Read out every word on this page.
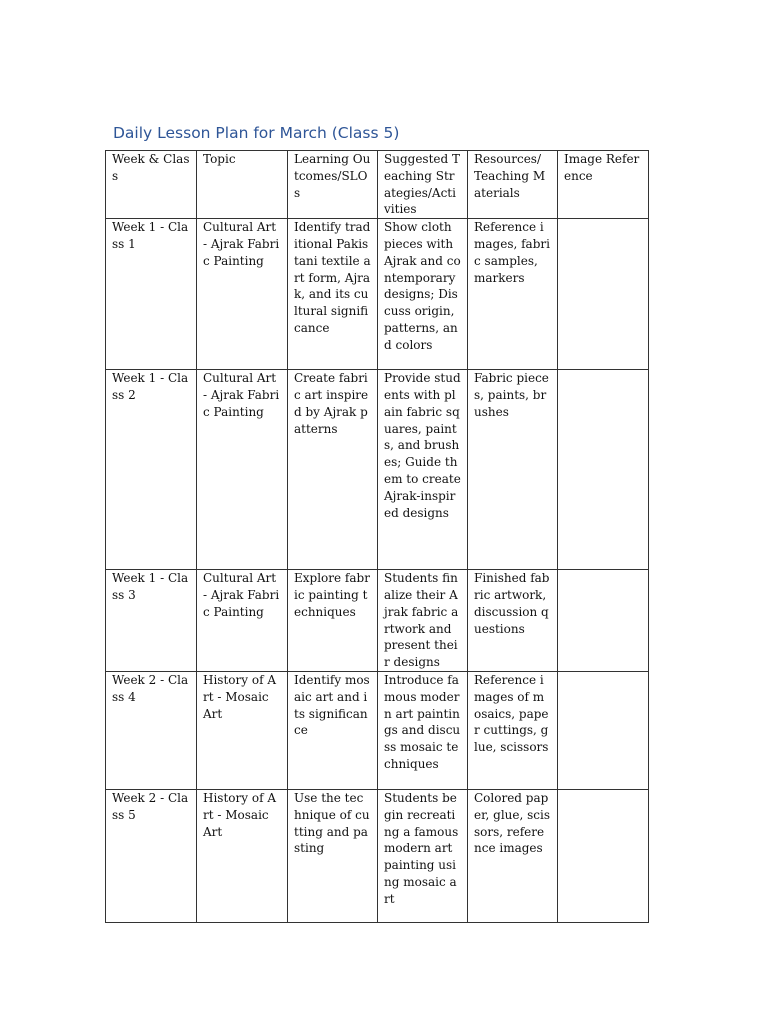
Daily Lesson Plan for March (Class 5)
Week & Class	Topic	Learning Outcomes/SLOs	Suggested Teaching Strategies/Activities	Resources/ Teaching Materials	Image Reference
Week 1 - Class 1	Cultural Art - Ajrak Fabric Painting	Identify traditional Pakistani textile art form, Ajrak, and its cultural significance	Show cloth pieces with Ajrak and contemporary designs; Discuss origin, patterns, and colors	Reference images, fabric samples, markers	
Week 1 - Class 2	Cultural Art - Ajrak Fabric Painting	Create fabric art inspired by Ajrak patterns	Provide students with plain fabric squares, paints, and brushes; Guide them to create Ajrak-inspired designs	Fabric pieces, paints, brushes	
Week 1 - Class 3	Cultural Art - Ajrak Fabric Painting	Explore fabric painting techniques	Students finalize their Ajrak fabric artwork and present their designs	Finished fabric artwork, discussion questions	
Week 2 - Class 4	History of Art - Mosaic Art	Identify mosaic art and its significance	Introduce famous modern art paintings and discuss mosaic techniques	Reference images of mosaics, paper cuttings, glue, scissors	
Week 2 - Class 5	History of Art - Mosaic Art	Use the technique of cutting and pasting	Students begin recreating a famous modern art painting using mosaic art	Colored paper, glue, scissors, reference images	
